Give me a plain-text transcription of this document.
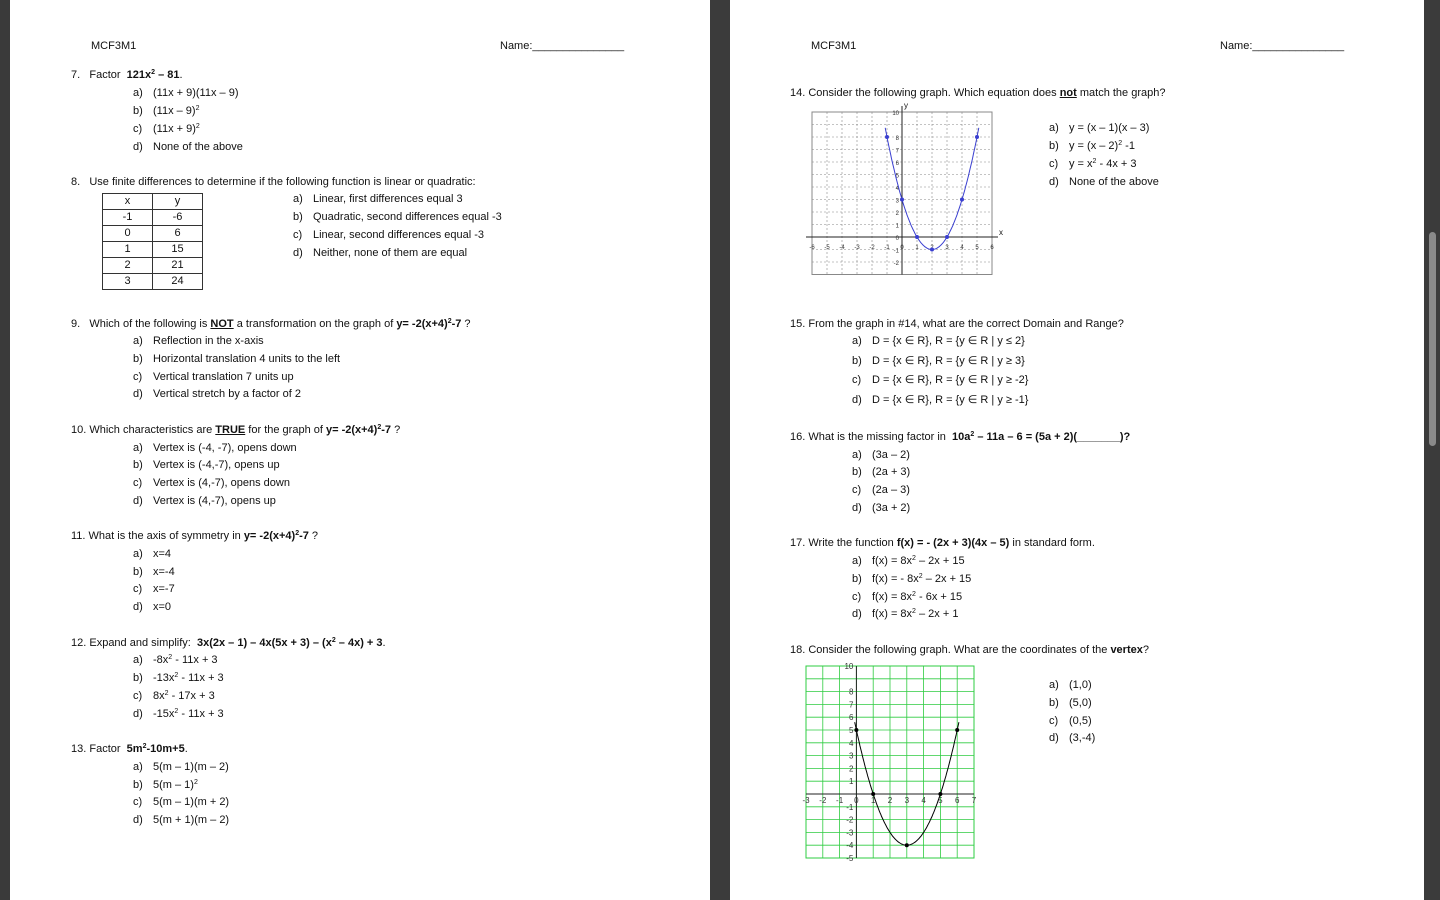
MCF3M1	Name:_______________
7. Factor $121x^2 - 81$.
a) (11x + 9)(11x – 9)
b) (11x – 9)$^2$
c) $(11x + 9)^2$
d) None of the above
8. Use finite differences to determine if the following function is linear or quadratic:
x	y
-1	-6
0	6
1	15
2	21
3	24
a) Linear, first differences equal 3
b) Quadratic, second differences equal -3
c) Linear, second differences equal -3
d) Neither, none of them are equal
9. Which of the following is NOT a transformation on the graph of $y= -2(x+4)^2-7$ ?
a) Reflection in the x-axis
b) Horizontal translation 4 units to the left
c) Vertical translation 7 units up
d) Vertical stretch by a factor of 2
10. Which characteristics are TRUE for the graph of $y= -2(x+4)^2-7$ ?
a) Vertex is (-4, -7), opens down
b) Vertex is (-4,-7), opens up
c) Vertex is (4,-7), opens down
d) Vertex is (4,-7), opens up
11. What is the axis of symmetry in $y= -2(x+4)^2-7$ ?
a) x=4
b) x=-4
c) x=-7
d) x=0
12. Expand and simplify: $3x(2x - 1) - 4x(5x + 3) - (x^2 - 4x) + 3$.
a) $-8x^2 - 11x + 3$
b) $-13x^2 - 11x + 3$
c) $8x^2 - 17x + 3$
d) $-15x^2 - 11x + 3$
13. Factor $5m^2-10m+5$.
a) 5(m – 1)(m – 2)
b) 5(m – 1)$^2$
c) 5(m – 1)(m + 2)
d) 5(m + 1)(m – 2)
MCF3M1	Name:_______________
14. Consider the following graph. Which equation does not match the graph?
-6 -5 -4 -3 -2 -1 0 1	3 4 5 6
-2
-1
0
1
2
3
4
5
6
7
8
10
x
y
a) y = (x – 1)(x – 3)
b) y = (x – 2)$^2$ -1
c) $y = x^2 - 4x + 3$
d) None of the above
15. From the graph in #14, what are the correct Domain and Range?
a) D = {x ∈ R}, R = {y ∈ R | y ≤ 2}
b) D = {x ∈ R}, R = {y ∈ R | y ≥ 3}
c) D = {x ∈ R}, R = {y ∈ R | y ≥ -2}
d) D = {x ∈ R}, R = {y ∈ R | y ≥ -1}
16. What is the missing factor in $10a^2 - 11a - 6 = (5a$ + 2)(_______)?
a) (3a – 2)
b) (2a + 3)
c) (2a – 3)
d) (3a + 2)
17. Write the function f(x) = - (2x + 3)(4x – 5) in standard form.
a) $f(x) = 8x^2 - 2x + 15$
b) f(x) = - $8x^2 - 2x + 15$
c) $f(x) = 8x^2 - 6x + 15$
d) $f(x) = 8x^2 - 2x + 1$
18. Consider the following graph. What are the coordinates of the vertex?
-3 -2 -1 0 1 2 3 4 5 6 7
-5
-4
-3
-2
-1
1
2
3
4
5
6
7
8
10
a) (1,0)
b) (5,0)
c) (0,5)
d) (3,-4)
